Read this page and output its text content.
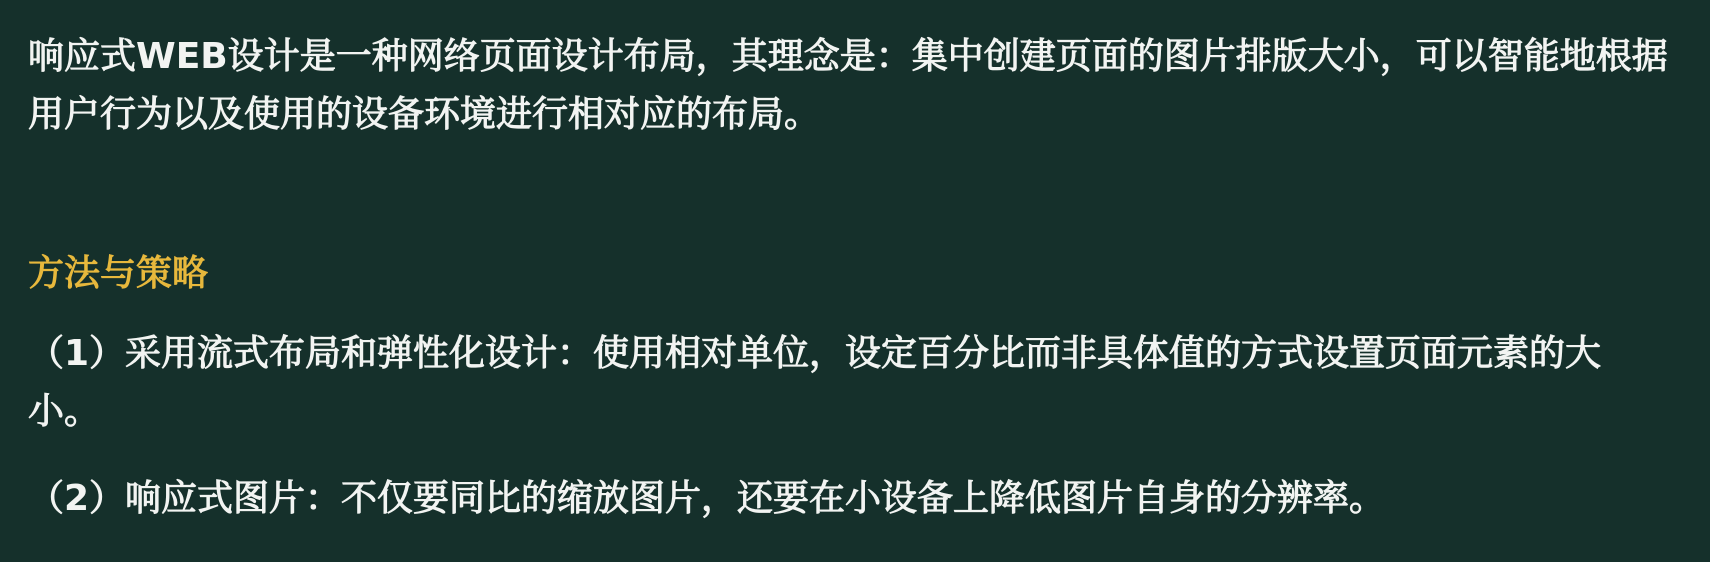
响应式WEB设计是一种网络页面设计布局，其理念是：集中创建页面的图片排版大小，可以智能地根据用户行为以及使用的设备环境进行相对应的布局。

方法与策略

（1）采用流式布局和弹性化设计：使用相对单位，设定百分比而非具体值的方式设置页面元素的大小。

（2）响应式图片：不仅要同比的缩放图片，还要在小设备上降低图片自身的分辨率。
